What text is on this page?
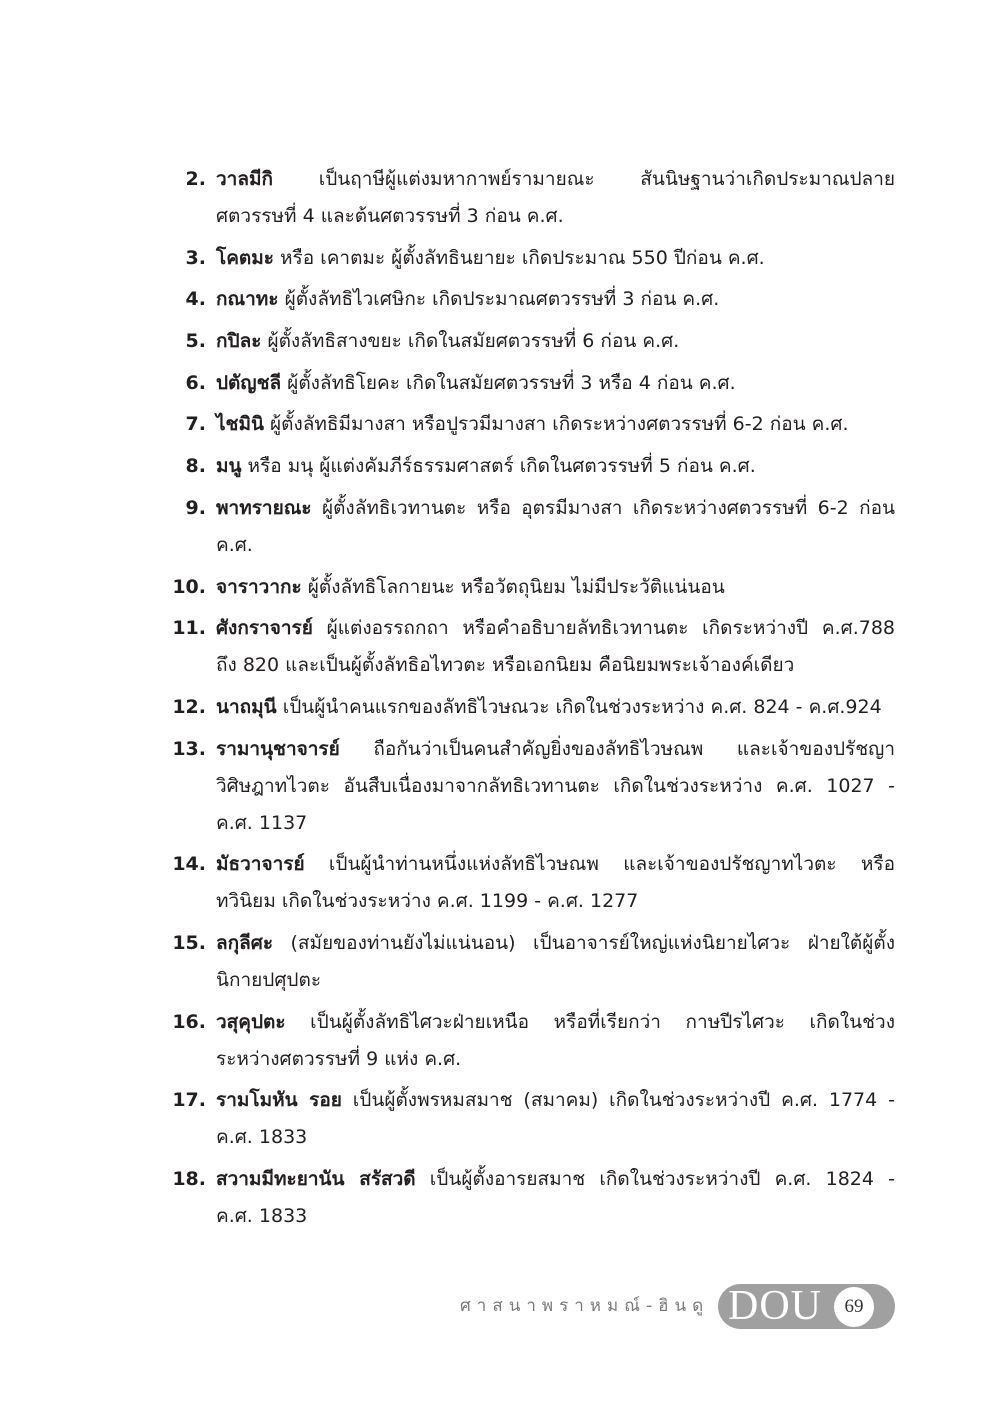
2. วาลมีกิ เป็นฤาษีผู้แต่งมหากาพย์รามายณะ สันนิษฐานว่าเกิดประมาณปลาย
ศตวรรษที่ 4 และต้นศตวรรษที่ 3 ก่อน ค.ศ.
3. โคตมะ หรือ เคาตมะ ผู้ตั้งลัทธินยายะ เกิดประมาณ 550 ปีก่อน ค.ศ.
4. กณาทะ ผู้ตั้งลัทธิไวเศษิกะ เกิดประมาณศตวรรษที่ 3 ก่อน ค.ศ.
5. กปิละ ผู้ตั้งลัทธิสางขยะ เกิดในสมัยศตวรรษที่ 6 ก่อน ค.ศ.
6. ปตัญชลี ผู้ตั้งลัทธิโยคะ เกิดในสมัยศตวรรษที่ 3 หรือ 4 ก่อน ค.ศ.
7. ไชมินิ ผู้ตั้งลัทธิมีมางสา หรือปูรวมีมางสา เกิดระหว่างศตวรรษที่ 6-2 ก่อน ค.ศ.
8. มนู หรือ มนุ ผู้แต่งคัมภีร์ธรรมศาสตร์ เกิดในศตวรรษที่ 5 ก่อน ค.ศ.
9. พาทรายณะ ผู้ตั้งลัทธิเวทานตะ หรือ อุตรมีมางสา เกิดระหว่างศตวรรษที่ 6-2 ก่อน
ค.ศ.
10. จาราวากะ ผู้ตั้งลัทธิโลกายนะ หรือวัตถุนิยม ไม่มีประวัติแน่นอน
11. ศังกราจารย์ ผู้แต่งอรรถกถา หรือคำอธิบายลัทธิเวทานตะ เกิดระหว่างปี ค.ศ.788
ถึง 820 และเป็นผู้ตั้งลัทธิอไทวตะ หรือเอกนิยม คือนิยมพระเจ้าองค์เดียว
12. นาถมุนี เป็นผู้นำคนแรกของลัทธิไวษณวะ เกิดในช่วงระหว่าง ค.ศ. 824 - ค.ศ.924
13. รามานุชาจารย์ ถือกันว่าเป็นคนสำคัญยิ่งของลัทธิไวษณพ และเจ้าของปรัชญา
วิศิษฎาทไวตะ อันสืบเนื่องมาจากลัทธิเวทานตะ เกิดในช่วงระหว่าง ค.ศ. 1027 -
ค.ศ. 1137
14. มัธวาจารย์ เป็นผู้นำท่านหนึ่งแห่งลัทธิไวษณพ และเจ้าของปรัชญาทไวตะ หรือ
ทวินิยม เกิดในช่วงระหว่าง ค.ศ. 1199 - ค.ศ. 1277
15. ลกุลีศะ (สมัยของท่านยังไม่แน่นอน) เป็นอาจารย์ใหญ่แห่งนิยายไศวะ ฝ่ายใต้ผู้ตั้ง
นิกายปศุปตะ
16. วสุคุปตะ เป็นผู้ตั้งลัทธิไศวะฝ่ายเหนือ หรือที่เรียกว่า กาษปีรไศวะ เกิดในช่วง
ระหว่างศตวรรษที่ 9 แห่ง ค.ศ.
17. รามโมหัน รอย เป็นผู้ตั้งพรหมสมาช (สมาคม) เกิดในช่วงระหว่างปี ค.ศ. 1774 -
ค.ศ. 1833
18. สวามมีทะยานัน สรัสวดี เป็นผู้ตั้งอารยสมาช เกิดในช่วงระหว่างปี ค.ศ. 1824 -
ค.ศ. 1833
ศาสนาพราหมณ์-ฮินดู DOU	69
